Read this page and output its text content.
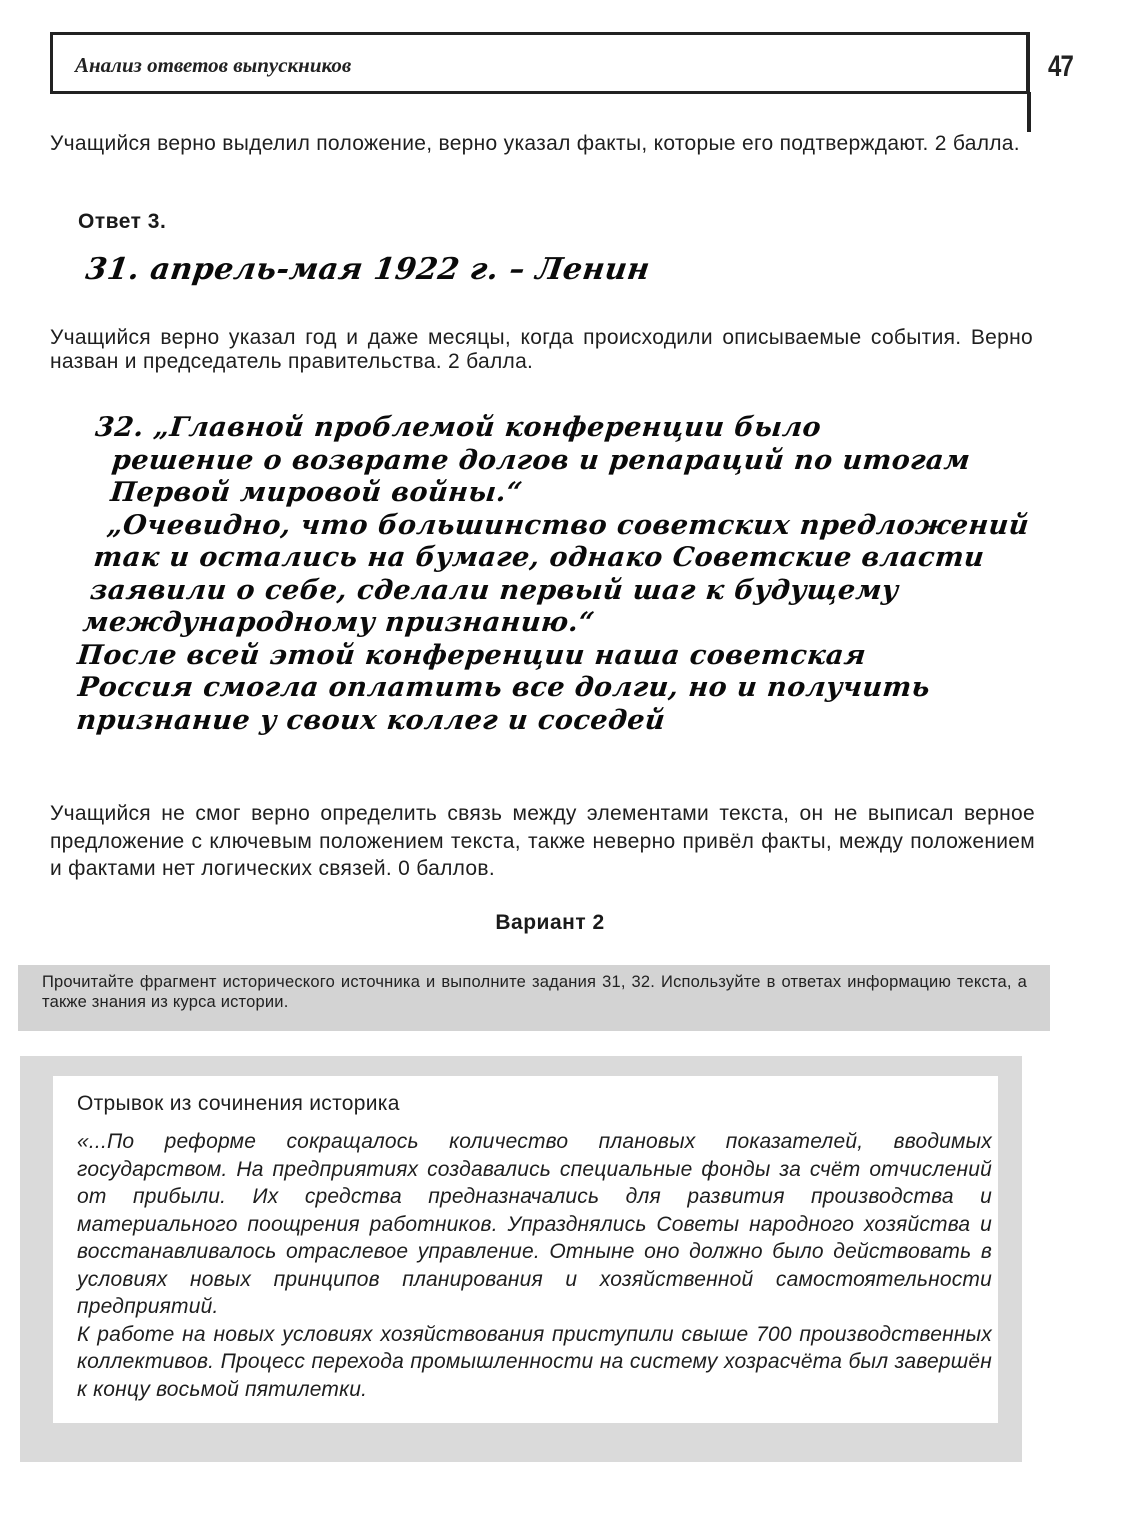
Анализ ответов выпускников	47
Учащийся верно выделил положение, верно указал факты, которые его подтверждают. 2 балла.
Ответ 3.
31. апрель-мая 1922 г. – Ленин
Учащийся верно указал год и даже месяцы, когда происходили описываемые события. Верно назван и председатель правительства. 2 балла.
32. „Главной проблемой конференции было
решение о возврате долгов и репараций по итогам
Первой мировой войны.“
„Очевидно, что большинство советских предложений
так и остались на бумаге, однако Советские власти
заявили о себе, сделали первый шаг к будущему
международному признанию.“
После всей этой конференции наша советская
Россия смогла оплатить все долги, но и получить
признание у своих коллег и соседей
Учащийся не смог верно определить связь между элементами текста, он не выписал верное предложение с ключевым положением текста, также неверно привёл факты, между положением и фактами нет логических связей. 0 баллов.
Вариант 2
Прочитайте фрагмент исторического источника и выполните задания 31, 32. Используйте в ответах информацию текста, а также знания из курса истории.
Отрывок из сочинения историка

«...По реформе сокращалось количество плановых показателей, вводимых государством. На предприятиях создавались специальные фонды за счёт отчислений от прибыли. Их средства предназначались для развития производства и материального поощрения работников. Упразднялись Советы народного хозяйства и восстанавливалось отраслевое управление. Отныне оно должно было действовать в условиях новых принципов планирования и хозяйственной самостоятельности предприятий.

К работе на новых условиях хозяйствования приступили свыше 700 производственных коллективов. Процесс перехода промышленности на систему хозрасчёта был завершён к концу восьмой пятилетки.
